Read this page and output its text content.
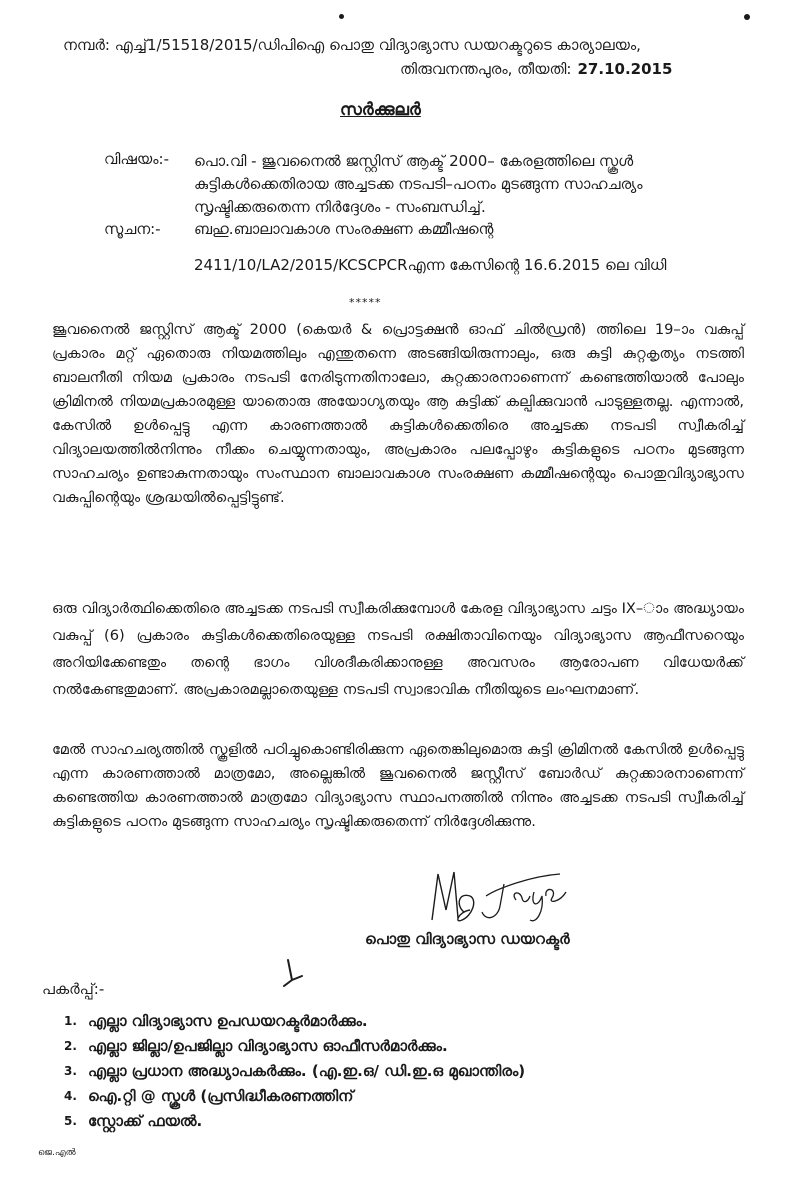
നമ്പർ: എച്ച്1/51518/2015/ഡിപിഐ പൊതു വിദ്യാഭ്യാസ ഡയറക്ടറുടെ കാര്യാലയം,
തിരുവനന്തപുരം, തീയതി: 27.10.2015
സർക്കുലർ
വിഷയം:- പൊ.വി - ജുവനൈൽ ജസ്റ്റിസ് ആക്ട് 2000– കേരളത്തിലെ സ്കൂൾ കുട്ടികൾക്കെതിരായ അച്ചടക്ക നടപടി–പഠനം മുടങ്ങുന്ന സാഹചര്യം സൃഷ്ടിക്കരുതെന്ന നിർദ്ദേശം - സംബന്ധിച്ച്.
സൂചന:- ബഹു.ബാലാവകാശ സംരക്ഷണ കമ്മീഷന്റെ
2411/10/LA2/2015/KCSCPCRഎന്ന കേസിന്റെ 16.6.2015 ലെ വിധി
*****

ജൂവനൈൽ ജസ്റ്റിസ് ആക്ട് 2000 (കെയർ & പ്രൊട്ടക്ഷൻ ഓഫ് ചിൽഡ്രൻ) ത്തിലെ 19–ാം വകുപ്പ് പ്രകാരം മറ്റ് ഏതൊരു നിയമത്തിലും എന്തുതന്നെ അടങ്ങിയിരുന്നാലും, ഒരു കുട്ടി കുറ്റകൃത്യം നടത്തി ബാലനീതി നിയമ പ്രകാരം നടപടി നേരിടുന്നതിനാലോ, കുറ്റക്കാരനാണെന്ന് കണ്ടെത്തിയാൽ പോലും ക്രിമിനൽ നിയമപ്രകാരമുള്ള യാതൊരു അയോഗ്യതയും ആ കുട്ടിക്ക് കല്പിക്കുവാൻ പാടുള്ളതല്ല. എന്നാൽ, കേസിൽ ഉൾപ്പെട്ടു എന്ന കാരണത്താൽ കുട്ടികൾക്കെതിരെ അച്ചടക്ക നടപടി സ്വീകരിച്ച് വിദ്യാലയത്തിൽനിന്നും നീക്കം ചെയ്യുന്നതായും, അപ്രകാരം പലപ്പോഴും കുട്ടികളുടെ പഠനം മുടങ്ങുന്ന സാഹചര്യം ഉണ്ടാകുന്നതായും സംസ്ഥാന ബാലാവകാശ സംരക്ഷണ കമ്മീഷന്റെയും പൊതുവിദ്യാഭ്യാസ വകുപ്പിന്റെയും ശ്രദ്ധയിൽപ്പെട്ടിട്ടുണ്ട്.

ഒരു വിദ്യാർത്ഥിക്കെതിരെ അച്ചടക്ക നടപടി സ്വീകരിക്കുമ്പോൾ കേരള വിദ്യാഭ്യാസ ചട്ടം IX–ാം അദ്ധ്യായം വകുപ്പ് (6) പ്രകാരം കുട്ടികൾക്കെതിരെയുള്ള നടപടി രക്ഷിതാവിനെയും വിദ്യാഭ്യാസ ആഫീസറെയും അറിയിക്കേണ്ടതും തന്റെ ഭാഗം വിശദീകരിക്കാനുള്ള അവസരം ആരോപണ വിധേയർക്ക് നൽകേണ്ടതുമാണ്. അപ്രകാരമല്ലാതെയുള്ള നടപടി സ്വാഭാവിക നീതിയുടെ ലംഘനമാണ്.

മേൽ സാഹചര്യത്തിൽ സ്കൂളിൽ പഠിച്ചുകൊണ്ടിരിക്കുന്ന ഏതെങ്കിലുമൊരു കുട്ടി ക്രിമിനൽ കേസിൽ ഉൾപ്പെട്ടു എന്ന കാരണത്താൽ മാത്രമോ, അല്ലെങ്കിൽ ജൂവനൈൽ ജസ്റ്റീസ് ബോർഡ് കുറ്റക്കാരനാണെന്ന് കണ്ടെത്തിയ കാരണത്താൽ മാത്രമോ വിദ്യാഭ്യാസ സ്ഥാപനത്തിൽ നിന്നും അച്ചടക്ക നടപടി സ്വീകരിച്ച് കുട്ടികളുടെ പഠനം മുടങ്ങുന്ന സാഹചര്യം സൃഷ്ടിക്കരുതെന്ന് നിർദ്ദേശിക്കുന്നു.

പൊതു വിദ്യാഭ്യാസ ഡയറക്ടർ
പകർപ്പ്:-
1. എല്ലാ വിദ്യാഭ്യാസ ഉപഡയറക്ടർമാർക്കും.
2. എല്ലാ ജില്ലാ/ഉപജില്ലാ വിദ്യാഭ്യാസ ഓഫീസർമാർക്കും.
3. എല്ലാ പ്രധാന അദ്ധ്യാപകർക്കും. (എ.ഇ.ഒ/ ഡി.ഇ.ഒ മുഖാന്തിരം)
4. ഐ.റ്റി @ സ്കൂൾ (പ്രസിദ്ധീകരണത്തിന്
5. സ്റ്റോക്ക് ഫയൽ.
ജെ.എൽ
